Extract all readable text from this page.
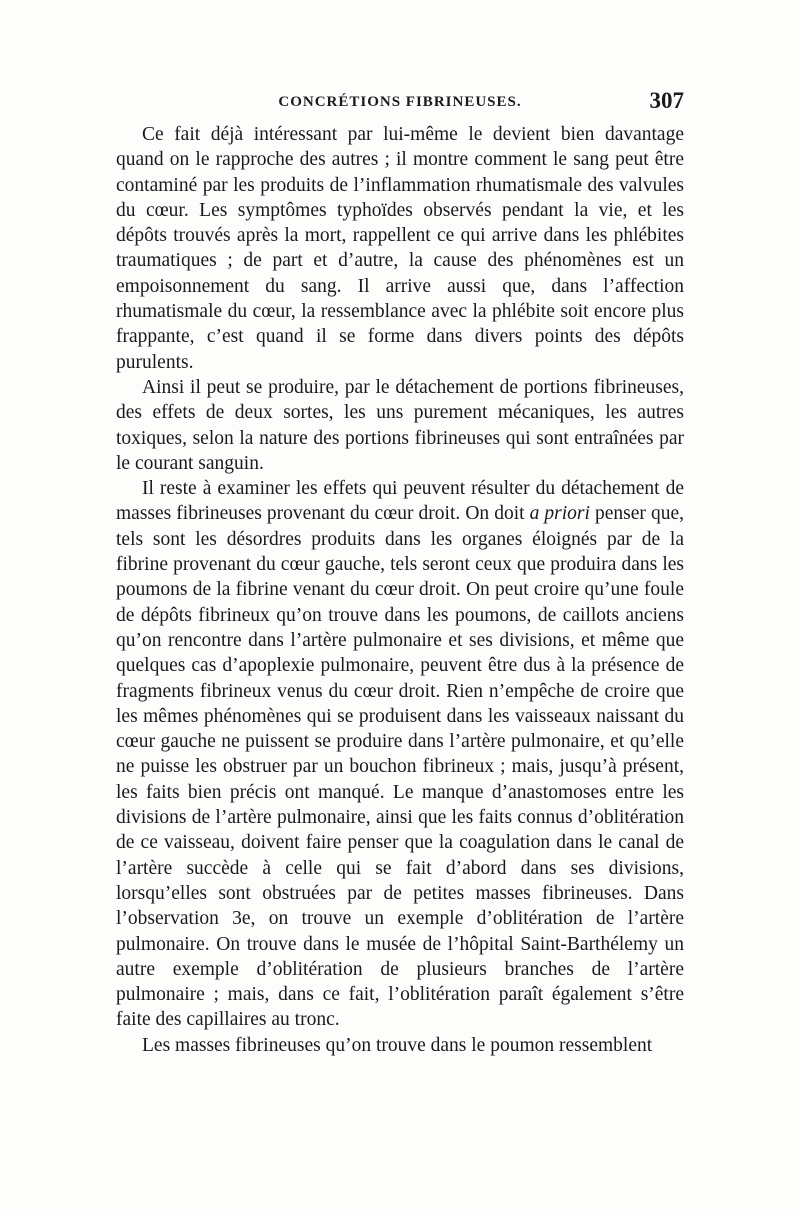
CONCRÉTIONS FIBRINEUSES.	307

Ce fait déjà intéressant par lui-même le devient bien davantage quand on le rapproche des autres ; il montre comment le sang peut être contaminé par les produits de l’inflammation rhumatismale des valvules du cœur. Les symptômes typhoïdes observés pendant la vie, et les dépôts trouvés après la mort, rappellent ce qui arrive dans les phlébites traumatiques ; de part et d’autre, la cause des phénomènes est un empoisonnement du sang. Il arrive aussi que, dans l’affection rhumatismale du cœur, la ressemblance avec la phlébite soit encore plus frappante, c’est quand il se forme dans divers points des dépôts purulents.

Ainsi il peut se produire, par le détachement de portions fibrineuses, des effets de deux sortes, les uns purement mécaniques, les autres toxiques, selon la nature des portions fibrineuses qui sont entraînées par le courant sanguin.

Il reste à examiner les effets qui peuvent résulter du détachement de masses fibrineuses provenant du cœur droit. On doit a priori penser que, tels sont les désordres produits dans les organes éloignés par de la fibrine provenant du cœur gauche, tels seront ceux que produira dans les poumons de la fibrine venant du cœur droit. On peut croire qu’une foule de dépôts fibrineux qu’on trouve dans les poumons, de caillots anciens qu’on rencontre dans l’artère pulmonaire et ses divisions, et même que quelques cas d’apoplexie pulmonaire, peuvent être dus à la présence de fragments fibrineux venus du cœur droit. Rien n’empêche de croire que les mêmes phénomènes qui se produisent dans les vaisseaux naissant du cœur gauche ne puissent se produire dans l’artère pulmonaire, et qu’elle ne puisse les obstruer par un bouchon fibrineux ; mais, jusqu’à présent, les faits bien précis ont manqué. Le manque d’anastomoses entre les divisions de l’artère pulmonaire, ainsi que les faits connus d’oblitération de ce vaisseau, doivent faire penser que la coagulation dans le canal de l’artère succède à celle qui se fait d’abord dans ses divisions, lorsqu’elles sont obstruées par de petites masses fibrineuses. Dans l’observation 3e, on trouve un exemple d’oblitération de l’artère pulmonaire. On trouve dans le musée de l’hôpital Saint-Barthélemy un autre exemple d’oblitération de plusieurs branches de l’artère pulmonaire ; mais, dans ce fait, l’oblitération paraît également s’être faite des capillaires au tronc.

Les masses fibrineuses qu’on trouve dans le poumon ressemblent
